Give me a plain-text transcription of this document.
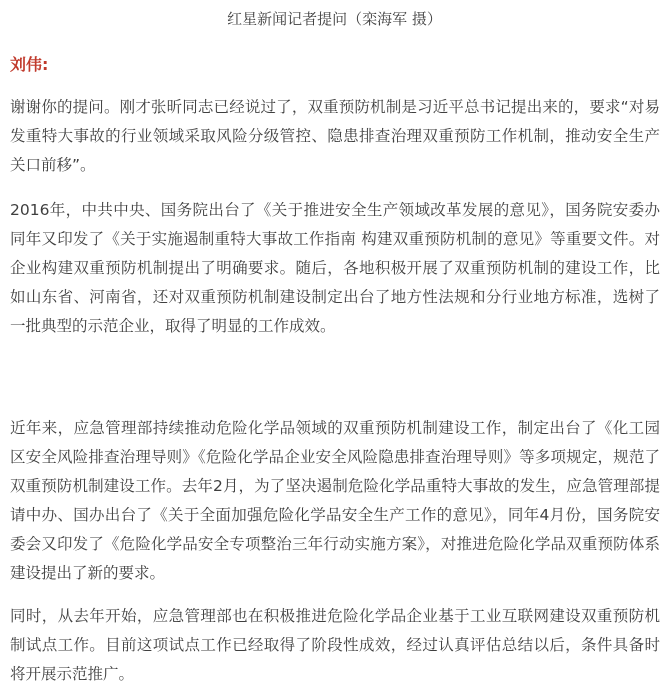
红星新闻记者提问（栾海军 摄）
刘伟:

谢谢你的提问。刚才张昕同志已经说过了，双重预防机制是习近平总书记提出来的，要求“对易发重特大事故的行业领域采取风险分级管控、隐患排查治理双重预防工作机制，推动安全生产关口前移”。

2016年，中共中央、国务院出台了《关于推进安全生产领域改革发展的意见》，国务院安委办同年又印发了《关于实施遏制重特大事故工作指南 构建双重预防机制的意见》等重要文件。对企业构建双重预防机制提出了明确要求。随后，各地积极开展了双重预防机制的建设工作，比如山东省、河南省，还对双重预防机制建设制定出台了地方性法规和分行业地方标准，选树了一批典型的示范企业，取得了明显的工作成效。

近年来，应急管理部持续推动危险化学品领域的双重预防机制建设工作，制定出台了《化工园区安全风险排查治理导则》《危险化学品企业安全风险隐患排查治理导则》等多项规定，规范了双重预防机制建设工作。去年2月，为了坚决遏制危险化学品重特大事故的发生，应急管理部提请中办、国办出台了《关于全面加强危险化学品安全生产工作的意见》，同年4月份，国务院安委会又印发了《危险化学品安全专项整治三年行动实施方案》，对推进危险化学品双重预防体系建设提出了新的要求。

同时，从去年开始，应急管理部也在积极推进危险化学品企业基于工业互联网建设双重预防机制试点工作。目前这项试点工作已经取得了阶段性成效，经过认真评估总结以后，条件具备时将开展示范推广。
